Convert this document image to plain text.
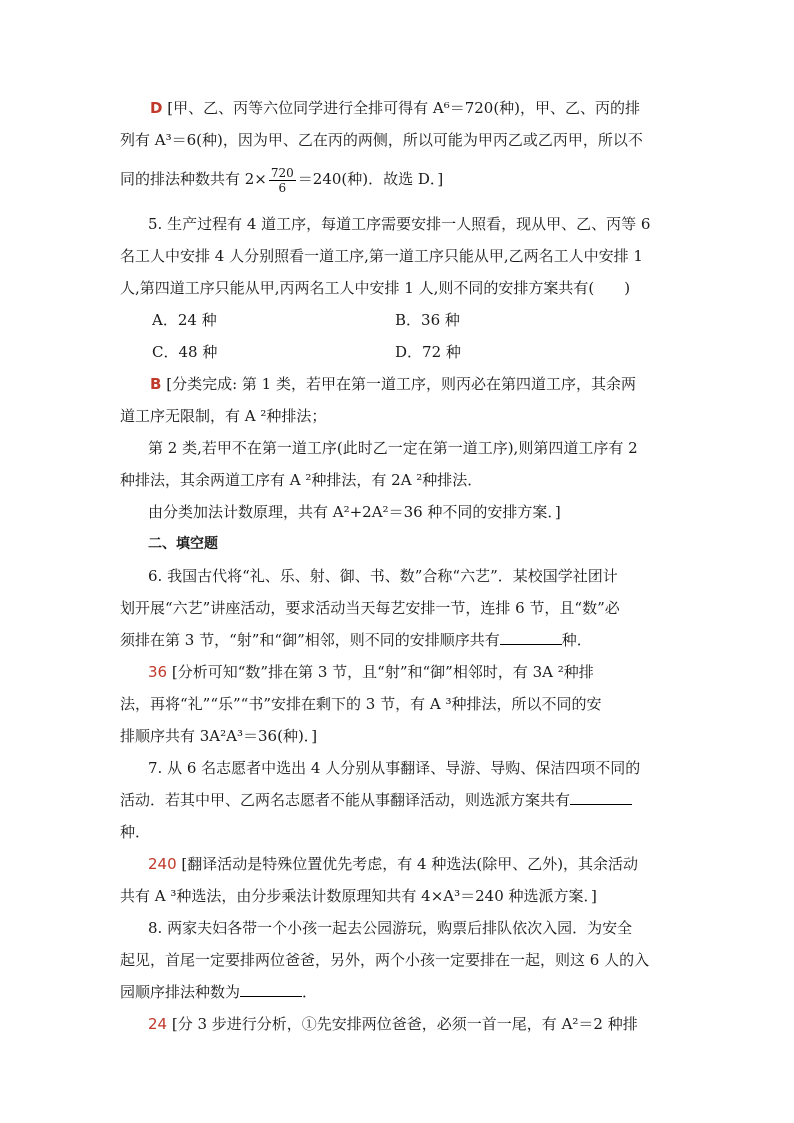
D [甲、乙、丙等六位同学进行全排可得有 A⁶＝720(种)，甲、乙、丙的排
列有 A³＝6(种)，因为甲、乙在丙的两侧，所以可能为甲丙乙或乙丙甲，所以不
同的排法种数共有 $2\times \frac{720}{6} =240$(种)．故选 D．]
5. 生产过程有 4 道工序，每道工序需要安排一人照看，现从甲、乙、丙等 6
名工人中安排 4 人分别照看一道工序,第一道工序只能从甲,乙两名工人中安排 1
人,第四道工序只能从甲,丙两名工人中安排 1 人,则不同的安排方案共有(　　)
A．24 种	B．36 种
C．48 种	D．72 种
B [分类完成: 第 1 类，若甲在第一道工序，则丙必在第四道工序，其余两
道工序无限制，有 A ²种排法；
第 2 类,若甲不在第一道工序(此时乙一定在第一道工序),则第四道工序有 2
种排法，其余两道工序有 A ²种排法，有 2A ²种排法．
由分类加法计数原理，共有 A²+2A²＝36 种不同的安排方案．]
二、填空题
6. 我国古代将“礼、乐、射、御、书、数”合称“六艺”．某校国学社团计
划开展“六艺”讲座活动，要求活动当天每艺安排一节，连排 6 节，且“数”必
须排在第 3 节，“射”和“御”相邻，则不同的安排顺序共有	种．
36 [分析可知“数”排在第 3 节，且“射”和“御”相邻时，有 3A ²种排
法，再将“礼”“乐”“书”安排在剩下的 3 节，有 A ³种排法，所以不同的安
排顺序共有 3A²A³＝36(种)．]
7. 从 6 名志愿者中选出 4 人分别从事翻译、导游、导购、保洁四项不同的
活动．若其中甲、乙两名志愿者不能从事翻译活动，则选派方案共有
种．
240 [翻译活动是特殊位置优先考虑，有 4 种选法(除甲、乙外)，其余活动
共有 A ³种选法，由分步乘法计数原理知共有 4×A³＝240 种选派方案．]
8. 两家夫妇各带一个小孩一起去公园游玩，购票后排队依次入园．为安全
起见，首尾一定要排两位爸爸，另外，两个小孩一定要排在一起，则这 6 人的入
园顺序排法种数为	．
24 [分 3 步进行分析，①先安排两位爸爸，必须一首一尾，有 A²＝2 种排
